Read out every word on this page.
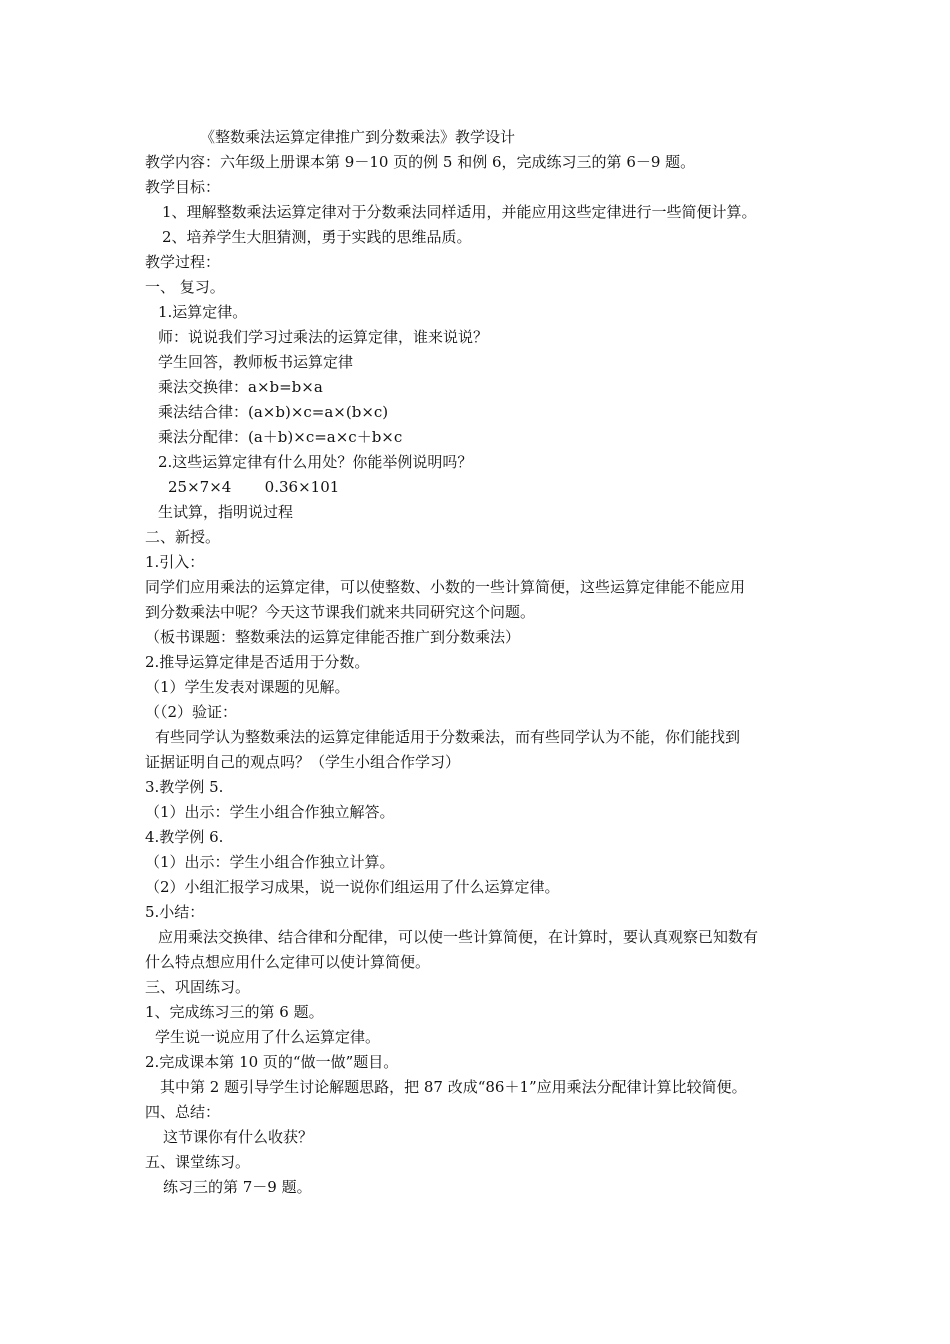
《整数乘法运算定律推广到分数乘法》教学设计
教学内容：六年级上册课本第 9－10 页的例 5 和例 6，完成练习三的第 6－9 题。
教学目标：
1、理解整数乘法运算定律对于分数乘法同样适用，并能应用这些定律进行一些简便计算。
2、培养学生大胆猜测，勇于实践的思维品质。
教学过程：
一、 复习。
1.运算定律。
师：说说我们学习过乘法的运算定律，谁来说说？
学生回答，教师板书运算定律
乘法交换律：a×b=b×a
乘法结合律：(a×b)×c=a×(b×c)
乘法分配律：(a＋b)×c=a×c＋b×c
2.这些运算定律有什么用处？你能举例说明吗？
25×7×4       0.36×101
生试算，指明说过程
二、新授。
1.引入：
同学们应用乘法的运算定律，可以使整数、小数的一些计算简便，这些运算定律能不能应用
到分数乘法中呢？今天这节课我们就来共同研究这个问题。
（板书课题：整数乘法的运算定律能否推广到分数乘法）
2.推导运算定律是否适用于分数。
（1）学生发表对课题的见解。
（（2）验证：
有些同学认为整数乘法的运算定律能适用于分数乘法，而有些同学认为不能，你们能找到
证据证明自己的观点吗？（学生小组合作学习）
3.教学例 5.
（1）出示：学生小组合作独立解答。
4.教学例 6.
（1）出示：学生小组合作独立计算。
（2）小组汇报学习成果，说一说你们组运用了什么运算定律。
5.小结：
应用乘法交换律、结合律和分配律，可以使一些计算简便，在计算时，要认真观察已知数有
什么特点想应用什么定律可以使计算简便。
三、巩固练习。
1、完成练习三的第 6 题。
学生说一说应用了什么运算定律。
2.完成课本第 10 页的“做一做”题目。
其中第 2 题引导学生讨论解题思路，把 87 改成“86＋1”应用乘法分配律计算比较简便。
四、总结：
这节课你有什么收获？
五、课堂练习。
练习三的第 7－9 题。
